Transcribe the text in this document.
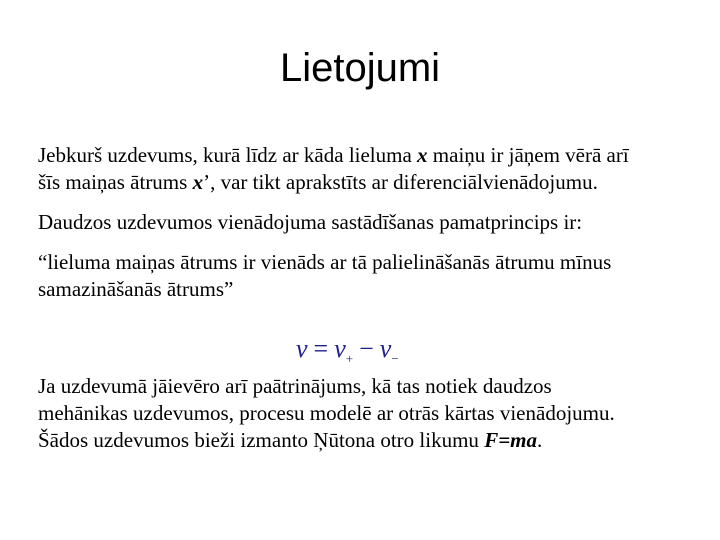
Lietojumi

Jebkurš uzdevums, kurā līdz ar kāda lieluma x maiņu ir jāņem vērā arī
šīs maiņas ātrums x’, var tikt aprakstīts ar diferenciālvienādojumu.

Daudzos uzdevumos vienādojuma sastādīšanas pamatprincips ir:

“lieluma maiņas ātrums ir vienāds ar tā palielināšanās ātrumu mīnus
samazināšanās ātrums”

$v = v_+ - v_-$
Ja uzdevumā jāievēro arī paātrinājums, kā tas notiek daudzos
mehānikas uzdevumos, procesu modelē ar otrās kārtas vienādojumu.
Šādos uzdevumos bieži izmanto Ņūtona otro likumu F=ma.
